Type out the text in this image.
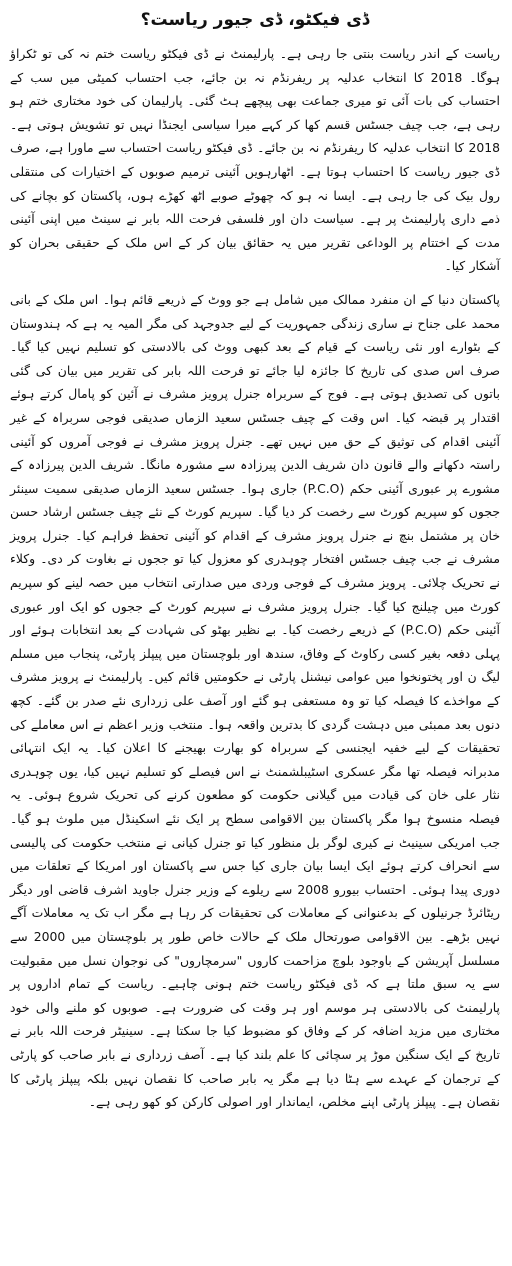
ڈی فیکٹو، ڈی جیور ریاست؟

ریاست کے اندر ریاست بنتی جا رہی ہے۔ پارلیمنٹ نے ڈی فیکٹو ریاست ختم نہ کی تو ٹکراؤ ہوگا۔ 2018 کا انتخاب عدلیہ پر ریفرنڈم نہ بن جائے، جب احتساب کمیٹی میں سب کے احتساب کی بات آئی تو میری جماعت بھی پیچھے ہٹ گئی۔ پارلیمان کی خود مختاری ختم ہو رہی ہے، جب چیف جسٹس قسم کھا کر کہے میرا سیاسی ایجنڈا نہیں تو تشویش ہوتی ہے۔ 2018 کا انتخاب عدلیہ کا ریفرنڈم نہ بن جائے۔ ڈی فیکٹو ریاست احتساب سے ماورا ہے، صرف ڈی جیور ریاست کا احتساب ہوتا ہے۔ اٹھارہویں آئینی ترمیم صوبوں کے اختیارات کی منتقلی رول بیک کی جا رہی ہے۔ ایسا نہ ہو کہ چھوٹے صوبے اٹھ کھڑے ہوں، پاکستان کو بچانے کی ذمے داری پارلیمنٹ پر ہے۔ سیاست دان اور فلسفی فرحت اللہ بابر نے سینٹ میں اپنی آئینی مدت کے اختتام پر الوداعی تقریر میں یہ حقائق بیان کر کے اس ملک کے حقیقی بحران کو آشکار کیا۔

پاکستان دنیا کے ان منفرد ممالک میں شامل ہے جو ووٹ کے ذریعے قائم ہوا۔ اس ملک کے بانی محمد علی جناح نے ساری زندگی جمہوریت کے لیے جدوجہد کی مگر المیہ یہ ہے کہ ہندوستان کے بٹوارے اور نئی ریاست کے قیام کے بعد کبھی ووٹ کی بالادستی کو تسلیم نہیں کیا گیا۔ صرف اس صدی کی تاریخ کا جائزہ لیا جائے تو فرحت اللہ بابر کی تقریر میں بیان کی گئی باتوں کی تصدیق ہوتی ہے۔ فوج کے سربراہ جنرل پرویز مشرف نے آئین کو پامال کرتے ہوئے اقتدار پر قبضہ کیا۔ اس وقت کے چیف جسٹس سعید الزماں صدیقی فوجی سربراہ کے غیر آئینی اقدام کی توثیق کے حق میں نہیں تھے۔ جنرل پرویز مشرف نے فوجی آمروں کو آئینی راستہ دکھانے والے قانون دان شریف الدین پیرزادہ سے مشورہ مانگا۔ شریف الدین پیرزادہ کے مشورے پر عبوری آئینی حکم (P.C.O) جاری ہوا۔ جسٹس سعید الزماں صدیقی سمیت سینئر ججوں کو سپریم کورٹ سے رخصت کر دیا گیا۔ سپریم کورٹ کے نئے چیف جسٹس ارشاد حسن خان پر مشتمل بنچ نے جنرل پرویز مشرف کے اقدام کو آئینی تحفظ فراہم کیا۔ جنرل پرویز مشرف نے جب چیف جسٹس افتخار چوہدری کو معزول کیا تو ججوں نے بغاوت کر دی۔ وکلاء نے تحریک چلائی۔ پرویز مشرف کے فوجی وردی میں صدارتی انتخاب میں حصہ لینے کو سپریم کورٹ میں چیلنج کیا گیا۔ جنرل پرویز مشرف نے سپریم کورٹ کے ججوں کو ایک اور عبوری آئینی حکم (P.C.O) کے ذریعے رخصت کیا۔ بے نظیر بھٹو کی شہادت کے بعد انتخابات ہوئے اور پہلی دفعہ بغیر کسی رکاوٹ کے وفاق، سندھ اور بلوچستان میں پیپلز پارٹی، پنجاب میں مسلم لیگ ن اور پختونخوا میں عوامی نیشنل پارٹی نے حکومتیں قائم کیں۔ پارلیمنٹ نے پرویز مشرف کے مواخذے کا فیصلہ کیا تو وہ مستعفی ہو گئے اور آصف علی زرداری نئے صدر بن گئے۔ کچھ دنوں بعد ممبئی میں دہشت گردی کا بدترین واقعہ ہوا۔ منتخب وزیر اعظم نے اس معاملے کی تحقیقات کے لیے خفیہ ایجنسی کے سربراہ کو بھارت بھیجنے کا اعلان کیا۔ یہ ایک انتہائی مدبرانہ فیصلہ تھا مگر عسکری اسٹیبلشمنٹ نے اس فیصلے کو تسلیم نہیں کیا، یوں چوہدری نثار علی خان کی قیادت میں گیلانی حکومت کو مطعون کرنے کی تحریک شروع ہوئی۔ یہ فیصلہ منسوخ ہوا مگر پاکستان بین الاقوامی سطح پر ایک نئے اسکینڈل میں ملوث ہو گیا۔ جب امریکی سینیٹ نے کیری لوگر بل منظور کیا تو جنرل کیانی نے منتخب حکومت کی پالیسی سے انحراف کرتے ہوئے ایک ایسا بیان جاری کیا جس سے پاکستان اور امریکا کے تعلقات میں دوری پیدا ہوئی۔ احتساب بیورو 2008 سے ریلوے کے وزیر جنرل جاوید اشرف قاضی اور دیگر ریٹائرڈ جرنیلوں کے بدعنوانی کے معاملات کی تحقیقات کر رہا ہے مگر اب تک یہ معاملات آگے نہیں بڑھے۔ بین الاقوامی صورتحال ملک کے حالات خاص طور پر بلوچستان میں 2000 سے مسلسل آپریشن کے باوجود بلوچ مزاحمت کاروں "سرمچاروں" کی نوجوان نسل میں مقبولیت سے یہ سبق ملتا ہے کہ ڈی فیکٹو ریاست ختم ہونی چاہیے۔ ریاست کے تمام اداروں پر پارلیمنٹ کی بالادستی ہر موسم اور ہر وقت کی ضرورت ہے۔ صوبوں کو ملنے والی خود مختاری میں مزید اضافہ کر کے وفاق کو مضبوط کیا جا سکتا ہے۔ سینیٹر فرحت اللہ بابر نے تاریخ کے ایک سنگین موڑ پر سچائی کا علم بلند کیا ہے۔ آصف زرداری نے بابر صاحب کو پارٹی کے ترجمان کے عہدے سے ہٹا دیا ہے مگر یہ بابر صاحب کا نقصان نہیں بلکہ پیپلز پارٹی کا نقصان ہے۔ پیپلز پارٹی اپنے مخلص، ایماندار اور اصولی کارکن کو کھو رہی ہے۔
